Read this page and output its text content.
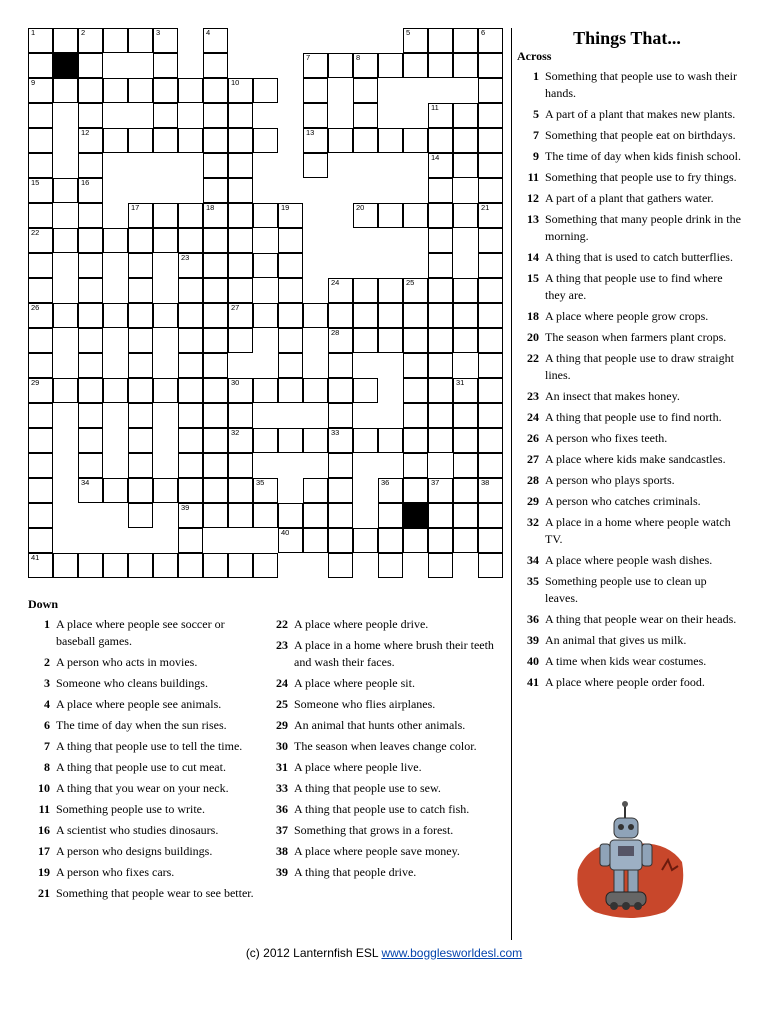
1	2	3	4	5	6
7	8
9	10
11
12	13
14
15	16
17	18	19	20	21
22
23
24	25
26	27
28
29	30	31
32	33
34	35	36	37	38
39
40
41
Things That...
Across
1 Something that people use to wash their hands.
5 A part of a plant that makes new plants.
7 Something that people eat on birthdays.
9 The time of day when kids finish school.
11 Something that people use to fry things.
12 A part of a plant that gathers water.
13 Something that many people drink in the morning.
14 A thing that is used to catch butterflies.
15 A thing that people use to find where they are.
18 A place where people grow crops.
20 The season when farmers plant crops.
22 A thing that people use to draw straight lines.
23 An insect that makes honey.
24 A thing that people use to find north.
26 A person who fixes teeth.
27 A place where kids make sandcastles.
28 A person who plays sports.
29 A person who catches criminals.
32 A place in a home where people watch TV.
34 A place where people wash dishes.
35 Something people use to clean up leaves.
36 A thing that people wear on their heads.
39 An animal that gives us milk.
40 A time when kids wear costumes.
41 A place where people order food.
Down
1 A place where people see soccer or baseball games.
2 A person who acts in movies.
3 Someone who cleans buildings.
4 A place where people see animals.
6 The time of day when the sun rises.
7 A thing that people use to tell the time.
8 A thing that people use to cut meat.
10 A thing that you wear on your neck.
11 Something people use to write.
16 A scientist who studies dinosaurs.
17 A person who designs buildings.
19 A person who fixes cars.
21 Something that people wear to see better.
22 A place where people drive.
23 A place in a home where brush their teeth and wash their faces.
24 A place where people sit.
25 Someone who flies airplanes.
29 An animal that hunts other animals.
30 The season when leaves change color.
31 A place where people live.
33 A thing that people use to sew.
36 A thing that people use to catch fish.
37 Something that grows in a forest.
38 A place where people save money.
39 A thing that people drive.
(c) 2012 Lanternfish ESL www.bogglesworldesl.com
